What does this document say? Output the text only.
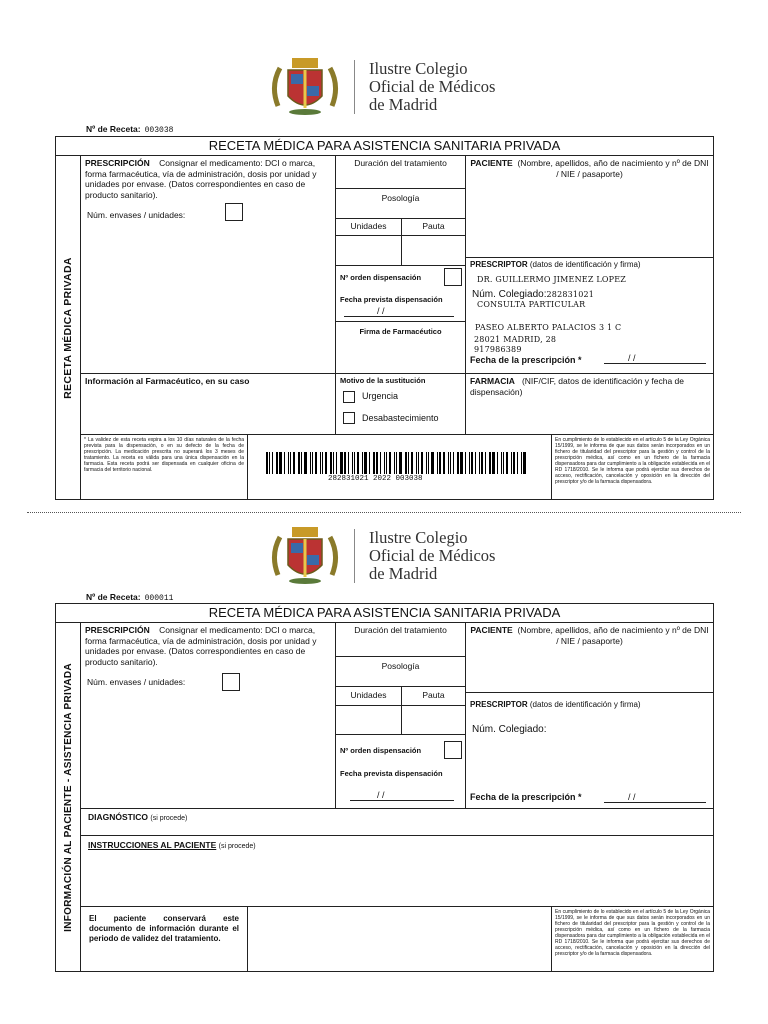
Ilustre Colegio
Oficial de Médicos
de Madrid
Nº de Receta: 003038
RECETA MÉDICA PARA ASISTENCIA SANITARIA PRIVADA
RECETA MÉDICA PRIVADA
PRESCRIPCIÓN Consignar el medicamento: DCI o marca, forma farmacéutica, vía de administración, dosis por unidad y unidades por envase. (Datos correspondientes en caso de producto sanitario).
Núm. envases / unidades:
Duración del tratamiento
Posología
Unidades	Pauta
Nº orden dispensación
Fecha prevista dispensación
/ /
Firma de Farmacéutico
PACIENTE (Nombre, apellidos, año de nacimiento y nº de DNI / NIE / pasaporte)
PRESCRIPTOR (datos de identificación y firma)
DR. GUILLERMO JIMENEZ LOPEZ
Núm. Colegiado:282831021
CONSULTA PARTICULAR
PASEO ALBERTO PALACIOS 3 1 C
28021 MADRID, 28
917986389
Fecha de la prescripción *	/ /
Información al Farmacéutico, en su caso	Motivo de la sustitución
Urgencia
Desabastecimiento
FARMACIA (NIF/CIF, datos de identificación y fecha de dispensación)
* La validez de esta receta expira a los 10 días naturales de la fecha prevista para la dispensación, o en su defecto de la fecha de prescripción. La medicación prescrita no superará los 3 meses de tratamiento. La receta es válida para una única dispensación en la farmacia. Esta receta podrá ser dispensada en cualquier oficina de farmacia del territorio nacional.
282831021 2022 003038
En cumplimiento de lo establecido en el artículo 5 de la Ley Orgánica 15/1999, se le informa de que sus datos serán incorporados en un fichero de titularidad del prescriptor para la gestión y control de la prescripción médica, así como en un fichero de la farmacia dispensadora para dar cumplimiento a la obligación establecida en el RD 1718/2010. Se le informa que podrá ejercitar sus derechos de acceso, rectificación, cancelación y oposición en la dirección del prescriptor y/o de la farmacia dispensadora.
Ilustre Colegio
Oficial de Médicos
de Madrid
Nº de Receta: 000011
RECETA MÉDICA PARA ASISTENCIA SANITARIA PRIVADA
INFORMACIÓN AL PACIENTE - ASISTENCIA PRIVADA
PRESCRIPCIÓN Consignar el medicamento: DCI o marca, forma farmacéutica, vía de administración, dosis por unidad y unidades por envase. (Datos correspondientes en caso de producto sanitario).
Núm. envases / unidades:
Duración del tratamiento
Posología
Unidades	Pauta
Nº orden dispensación
Fecha prevista dispensación
/ /
PACIENTE (Nombre, apellidos, año de nacimiento y nº de DNI / NIE / pasaporte)
PRESCRIPTOR (datos de identificación y firma)
Núm. Colegiado:
Fecha de la prescripción *	/ /
DIAGNÓSTICO (si procede)
INSTRUCCIONES AL PACIENTE (si procede)
El paciente conservará este documento de información durante el periodo de validez del tratamiento.
En cumplimiento de lo establecido en el artículo 5 de la Ley Orgánica 15/1999, se le informa de que sus datos serán incorporados en un fichero de titularidad del prescriptor para la gestión y control de la prescripción médica, así como en un fichero de la farmacia dispensadora para dar cumplimiento a la obligación establecida en el RD 1718/2010. Se le informa que podrá ejercitar sus derechos de acceso, rectificación, cancelación y oposición en la dirección del prescriptor y/o de la farmacia dispensadora.
